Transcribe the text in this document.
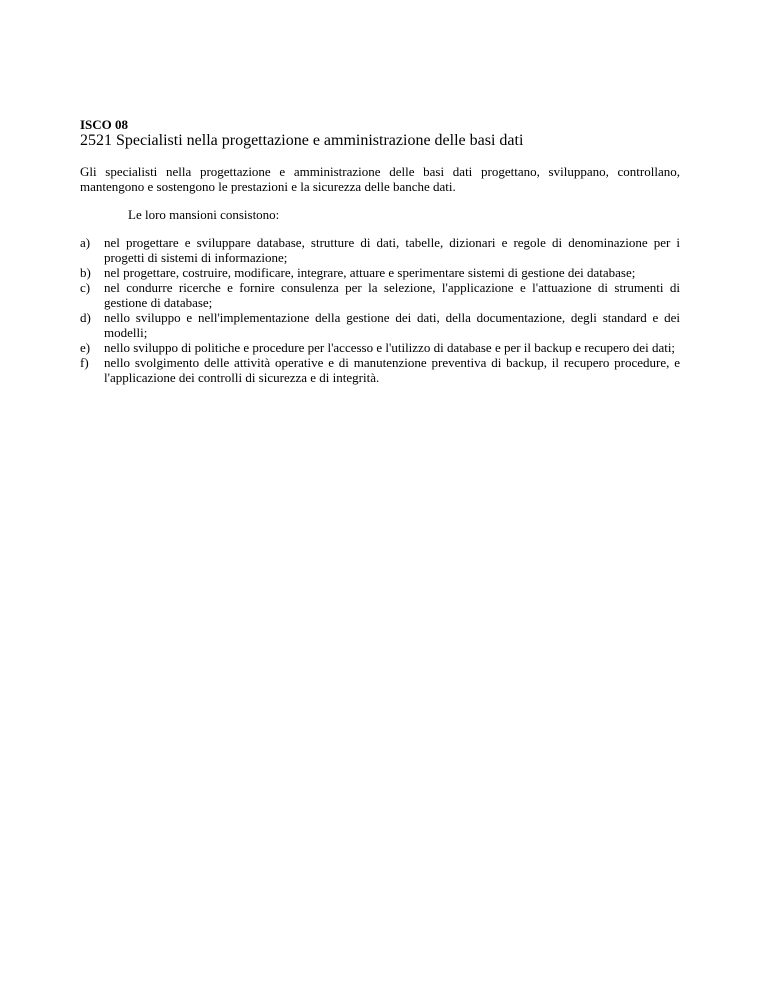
ISCO 08

2521 Specialisti nella progettazione e amministrazione delle basi dati

Gli specialisti nella progettazione e amministrazione delle basi dati progettano, sviluppano, controllano, mantengono e sostengono le prestazioni e la sicurezza delle banche dati.

Le loro mansioni consistono:

a) nel progettare e sviluppare database, strutture di dati, tabelle, dizionari e regole di denominazione per i progetti di sistemi di informazione;
b) nel progettare, costruire, modificare, integrare, attuare e sperimentare sistemi di gestione dei database;
c) nel condurre ricerche e fornire consulenza per la selezione, l'applicazione e l'attuazione di strumenti di gestione di database;
d) nello sviluppo e nell'implementazione della gestione dei dati, della documentazione, degli standard e dei modelli;
e) nello sviluppo di politiche e procedure per l'accesso e l'utilizzo di database e per il backup e recupero dei dati;
f) nello svolgimento delle attività operative e di manutenzione preventiva di backup, il recupero procedure, e l'applicazione dei controlli di sicurezza e di integrità.
